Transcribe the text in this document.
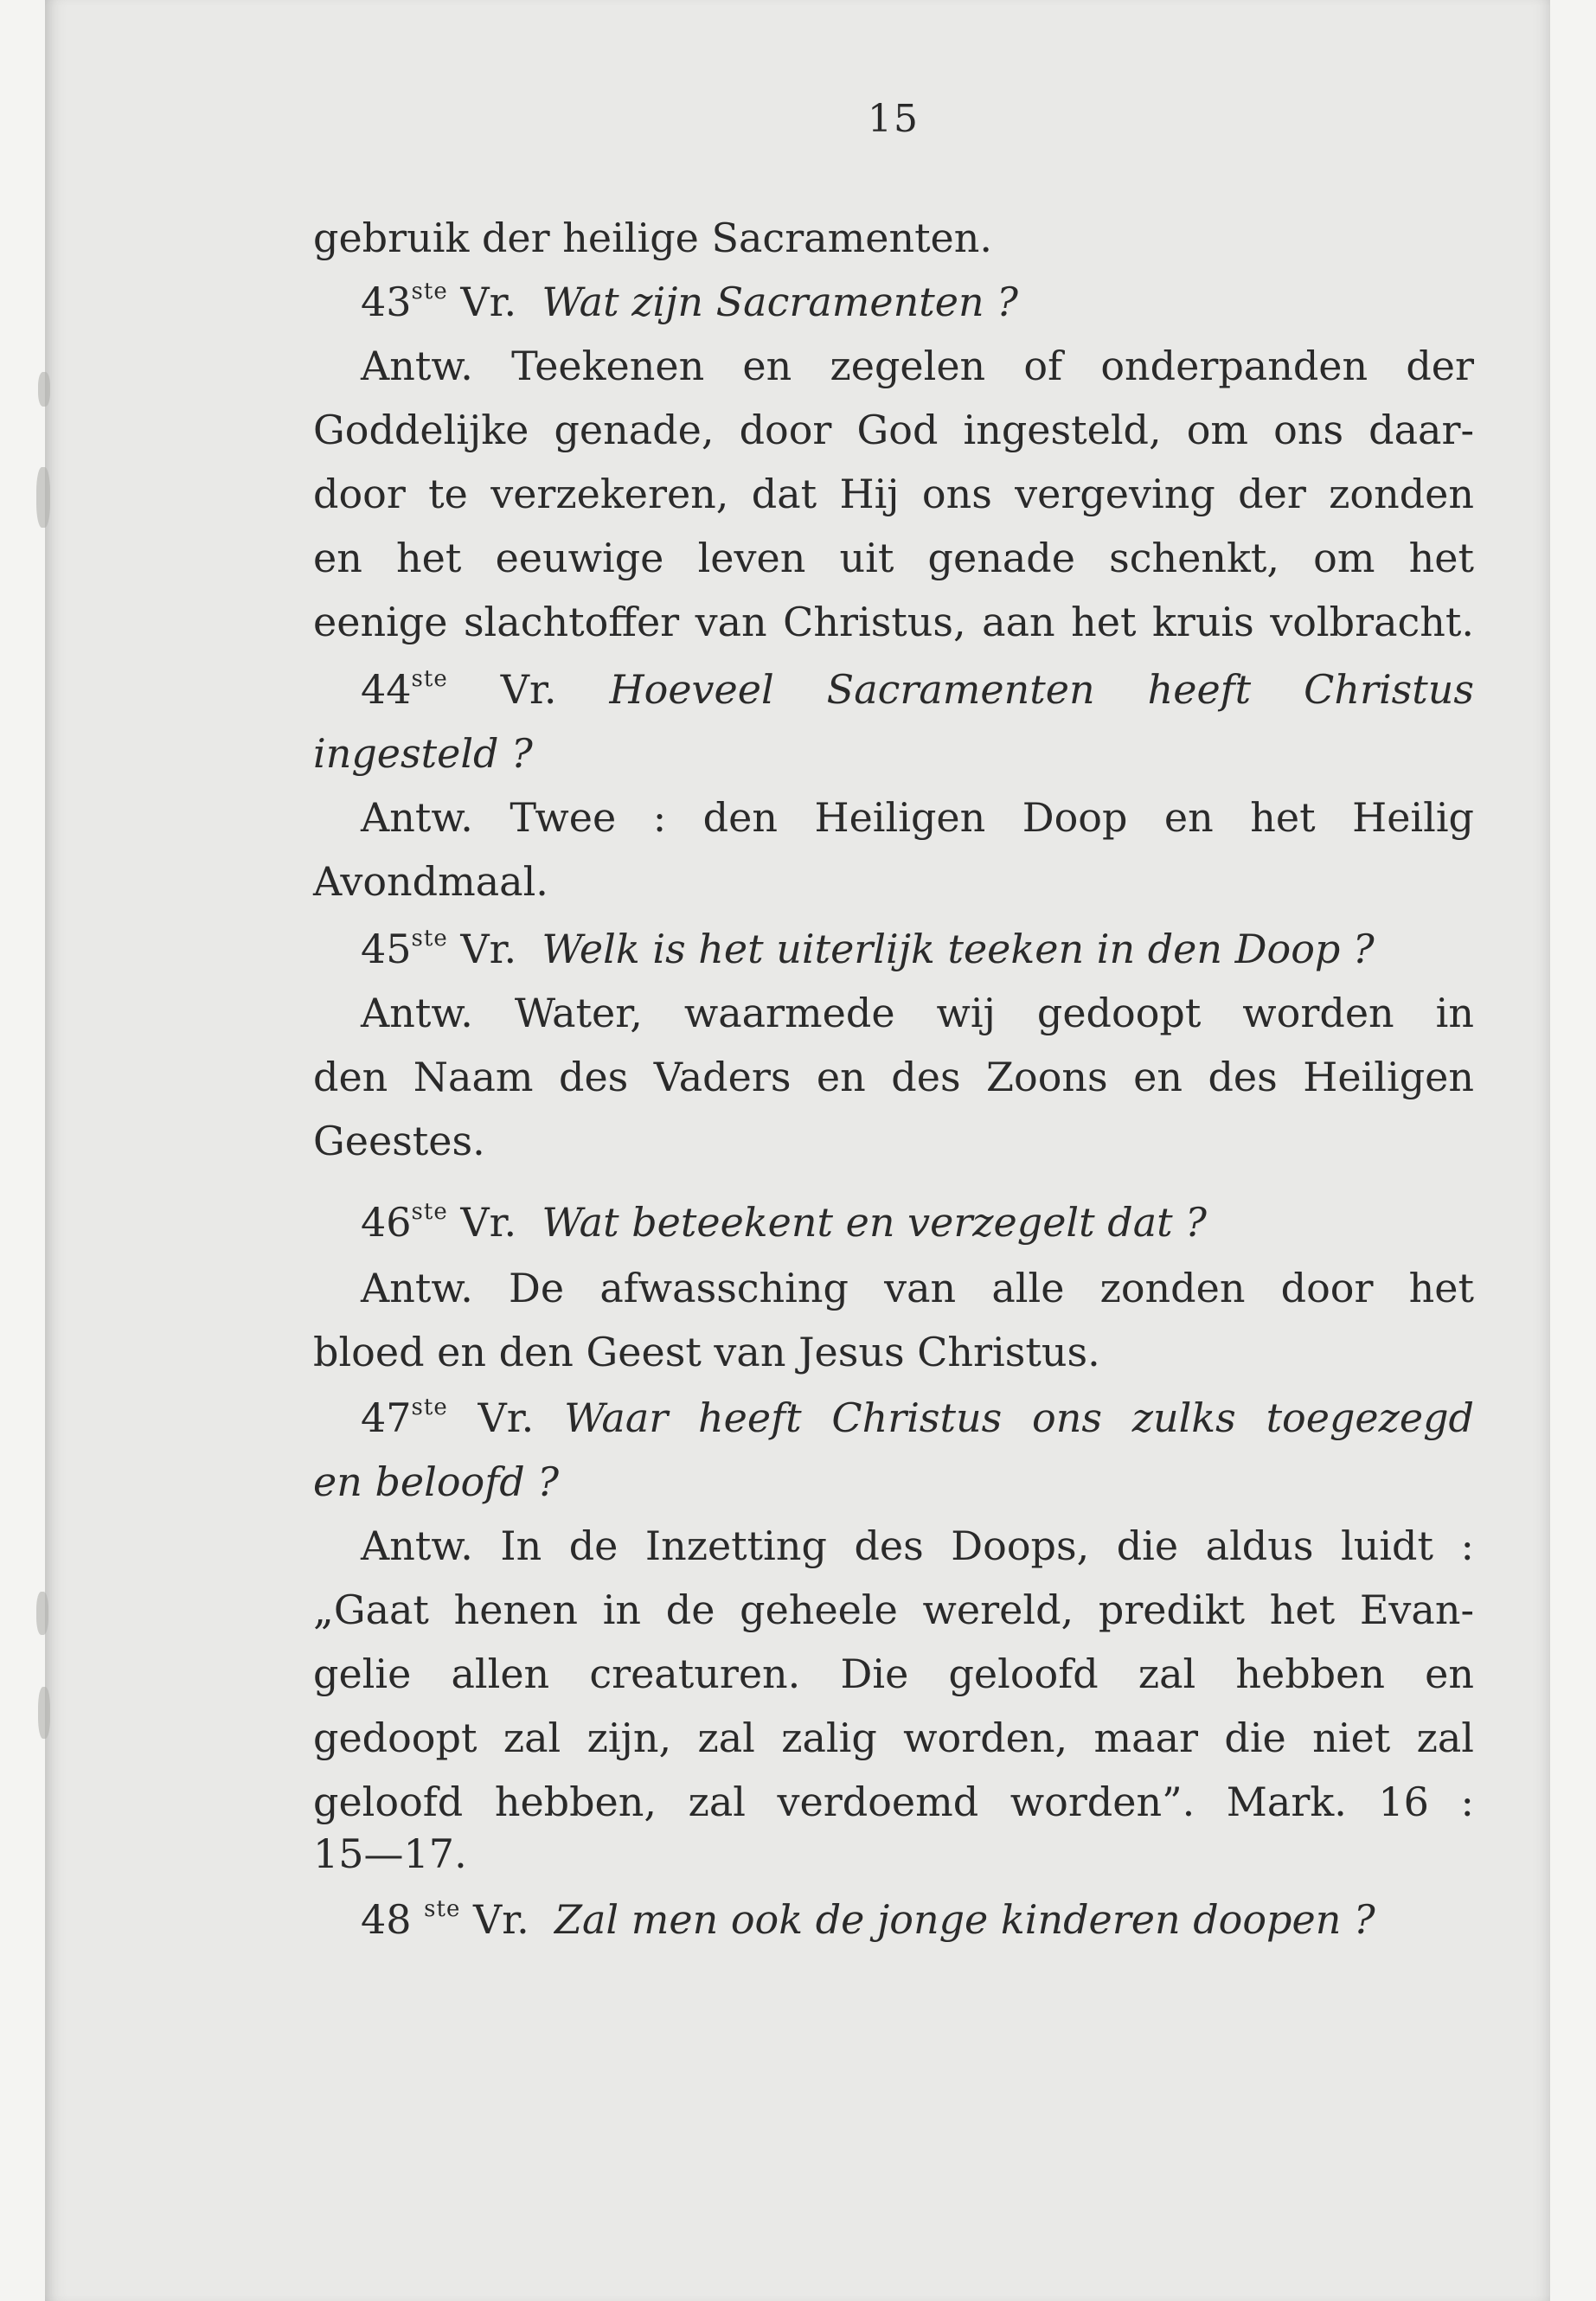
15
gebruik der heilige Sacramenten.
43ste Vr. Wat zijn Sacramenten ?
Antw. Teekenen en zegelen of onderpanden der
Goddelijke genade, door God ingesteld, om ons daar-
door te verzekeren, dat Hij ons vergeving der zonden
en het eeuwige leven uit genade schenkt, om het
eenige slachtoffer van Christus, aan het kruis volbracht.
44ste Vr. Hoeveel Sacramenten heeft Christus
ingesteld ?
Antw. Twee : den Heiligen Doop en het Heilig
Avondmaal.
45ste Vr. Welk is het uiterlijk teeken in den Doop ?
Antw. Water, waarmede wij gedoopt worden in
den Naam des Vaders en des Zoons en des Heiligen
Geestes.
46ste Vr. Wat beteekent en verzegelt dat ?
Antw. De afwassching van alle zonden door het
bloed en den Geest van Jesus Christus.
47ste Vr. Waar heeft Christus ons zulks toegezegd
en beloofd ?
Antw. In de Inzetting des Doops, die aldus luidt :
„Gaat henen in de geheele wereld, predikt het Evan-
gelie allen creaturen. Die geloofd zal hebben en
gedoopt zal zijn, zal zalig worden, maar die niet zal
geloofd hebben, zal verdoemd worden”. Mark. 16 :
15—17.
48 $^{ste}$ Vr. Zal men ook de jonge kinderen doopen ?
